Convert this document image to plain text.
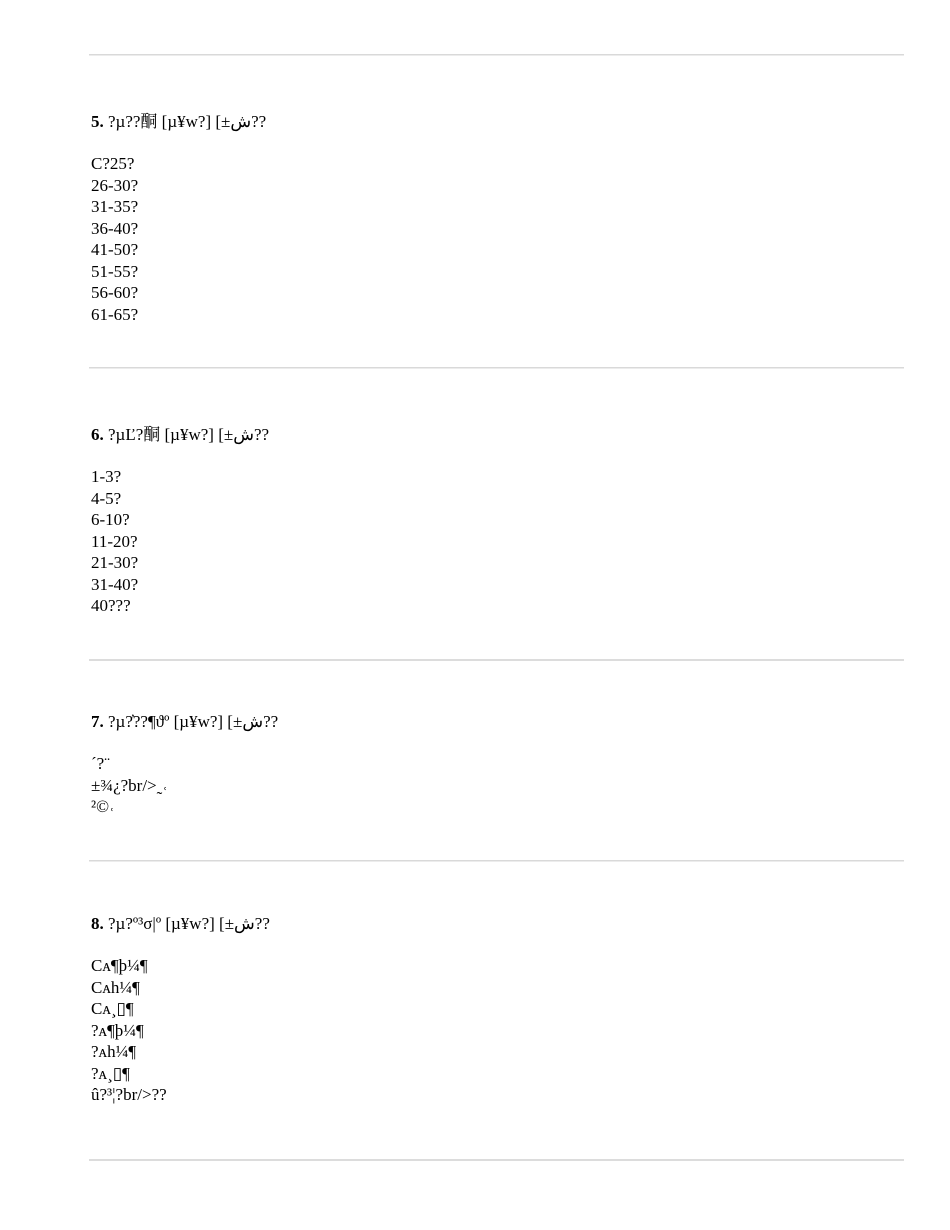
5. ?µ??酮 [µ¥w?] [±ش??
C?25?
26-30?
31-35?
36-40?
41-50?
51-55?
56-60?
61-65?
6. ?µĽ?酮 [µ¥w?] [±ش??
1-3?
4-5?
6-10?
11-20?
21-30?
31-40?
40???
7. ?µ?̓??¶ϑº [µ¥w?] [±ش??
´?¨
±¾¿?br/>˷˓
²©˓
8. ?µ?º³σ|º [µ¥w?] [±ش??
Cᴀ¶þ¼¶
Cᴀh¼¶
Cᴀ¸▯¶
?ᴀ¶þ¼¶
?ᴀh¼¶
?ᴀ¸▯¶
û?³¦?br/>??
